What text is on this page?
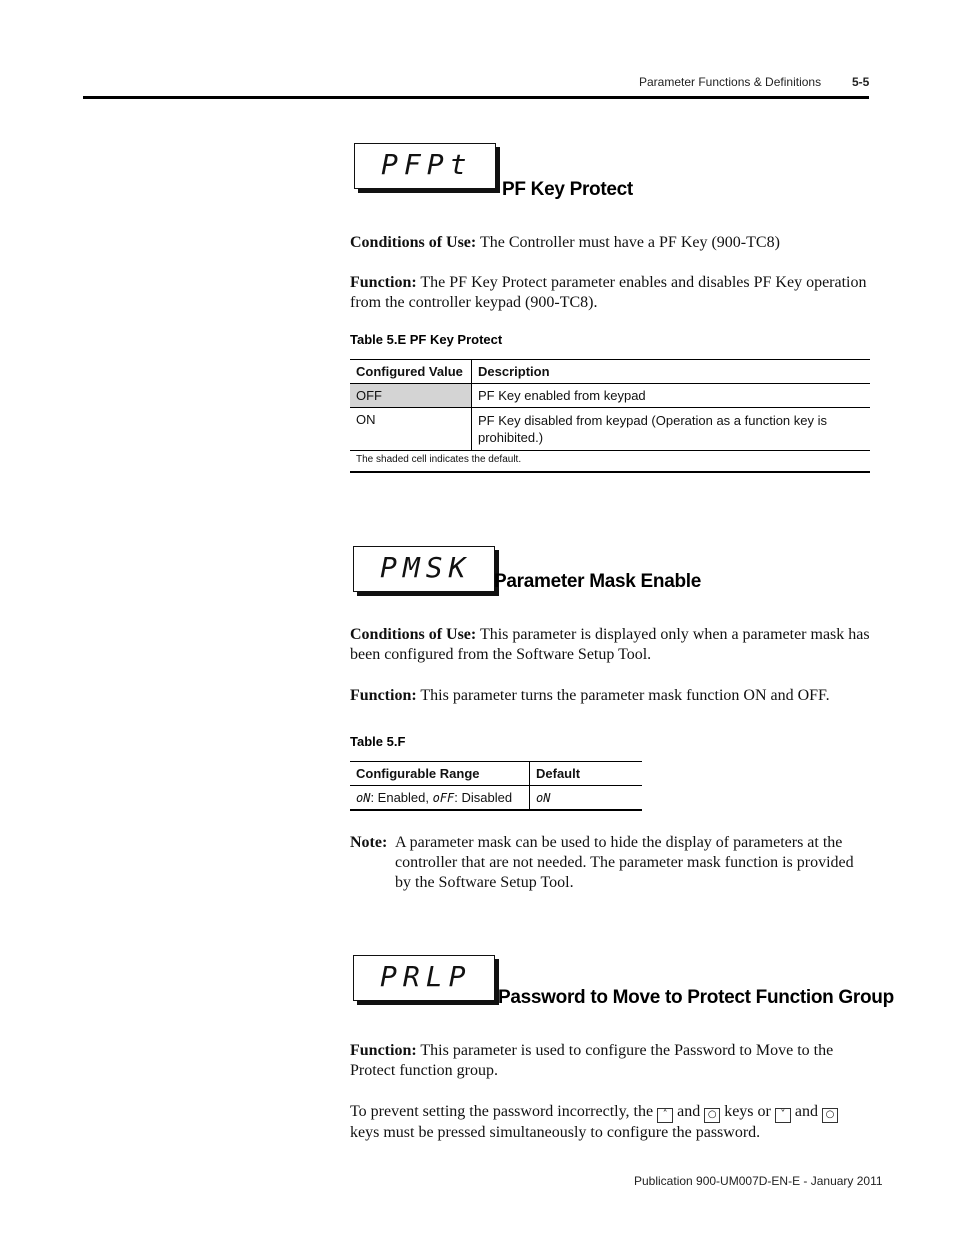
Parameter Functions & Definitions	5-5
PFPt
PF Key Protect
Conditions of Use: The Controller must have a PF Key (900-TC8)
Function: The PF Key Protect parameter enables and disables PF Key operation from the controller keypad (900-TC8).
Table 5.E PF Key Protect
Configured Value	Description
OFF	PF Key enabled from keypad
ON	PF Key disabled from keypad (Operation as a function key is prohibited.)
The shaded cell indicates the default.	
PMSK Parameter Mask Enable
Conditions of Use: This parameter is displayed only when a parameter mask has been configured from the Software Setup Tool.
Function: This parameter turns the parameter mask function ON and OFF.
Table 5.F
Configurable Range	Default
oN: Enabled, oFF: Disabled	oN
Note: A parameter mask can be used to hide the display of parameters at the controller that are not needed. The parameter mask function is provided by the Software Setup Tool.
PRLP
Password to Move to Protect Function Group
Function: This parameter is used to configure the Password to Move to the Protect function group.
To prevent setting the password incorrectly, the ˄ and ○ keys or ˅ and ○ keys must be pressed simultaneously to configure the password.
Publication 900-UM007D-EN-E - January 2011
